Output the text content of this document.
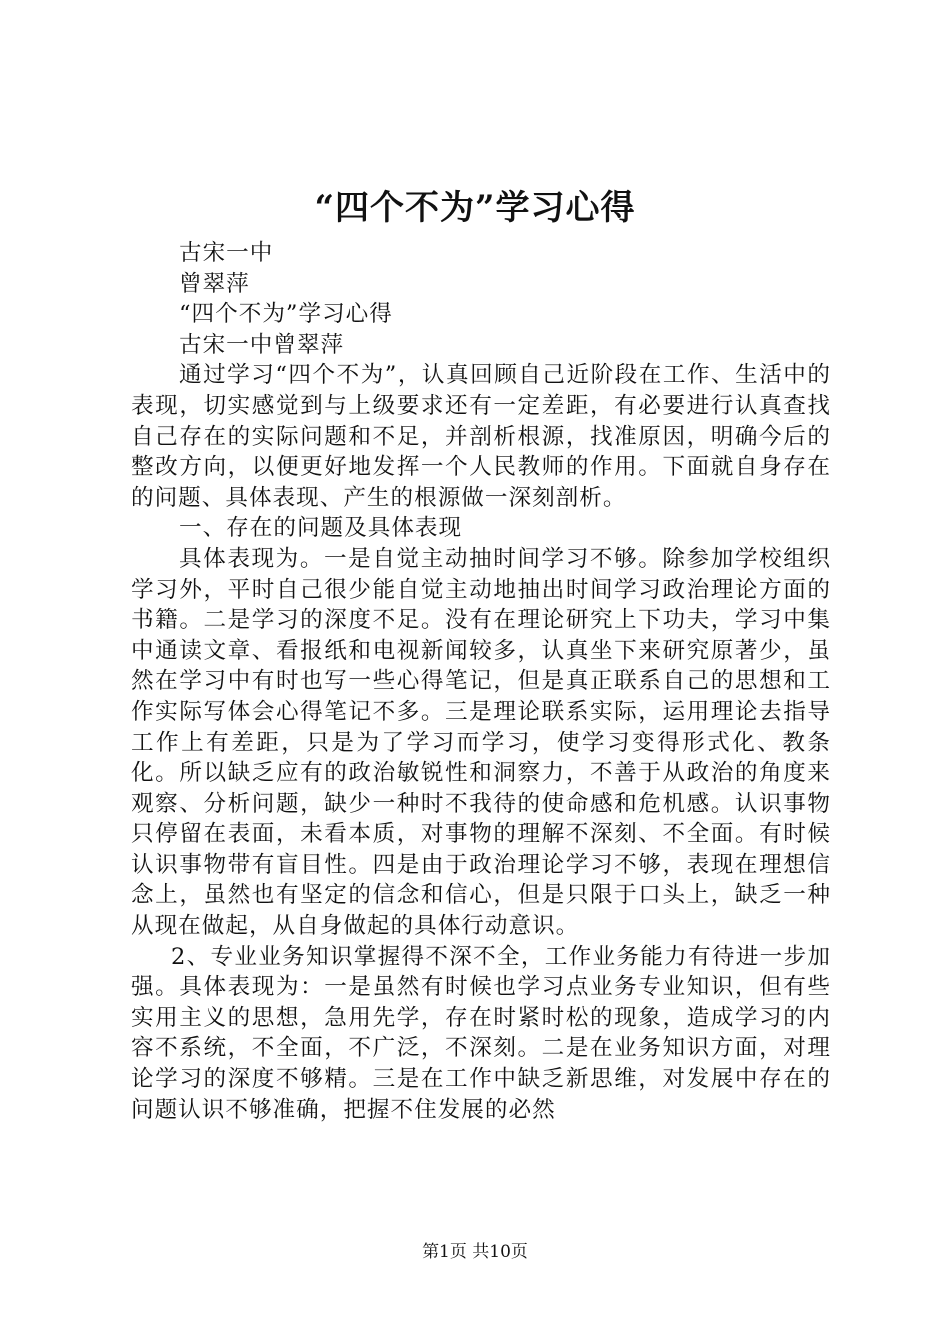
“四个不为”学习心得

古宋一中

曾翠萍

“四个不为”学习心得

古宋一中曾翠萍

通过学习“四个不为”，认真回顾自己近阶段在工作、生活中的表现，切实感觉到与上级要求还有一定差距，有必要进行认真查找自己存在的实际问题和不足，并剖析根源，找准原因，明确今后的整改方向，以便更好地发挥一个人民教师的作用。下面就自身存在的问题、具体表现、产生的根源做一深刻剖析。

一、存在的问题及具体表现

具体表现为。一是自觉主动抽时间学习不够。除参加学校组织学习外，平时自己很少能自觉主动地抽出时间学习政治理论方面的书籍。二是学习的深度不足。没有在理论研究上下功夫，学习中集中通读文章、看报纸和电视新闻较多，认真坐下来研究原著少，虽然在学习中有时也写一些心得笔记，但是真正联系自己的思想和工作实际写体会心得笔记不多。三是理论联系实际，运用理论去指导工作上有差距，只是为了学习而学习，使学习变得形式化、教条化。所以缺乏应有的政治敏锐性和洞察力，不善于从政治的角度来观察、分析问题，缺少一种时不我待的使命感和危机感。认识事物只停留在表面，未看本质，对事物的理解不深刻、不全面。有时候认识事物带有盲目性。四是由于政治理论学习不够，表现在理想信念上，虽然也有坚定的信念和信心，但是只限于口头上，缺乏一种从现在做起，从自身做起的具体行动意识。

2、专业业务知识掌握得不深不全，工作业务能力有待进一步加强。具体表现为：一是虽然有时候也学习点业务专业知识，但有些实用主义的思想，急用先学，存在时紧时松的现象，造成学习的内容不系统，不全面，不广泛，不深刻。二是在业务知识方面，对理论学习的深度不够精。三是在工作中缺乏新思维，对发展中存在的问题认识不够准确，把握不住发展的必然

第1页 共10页
